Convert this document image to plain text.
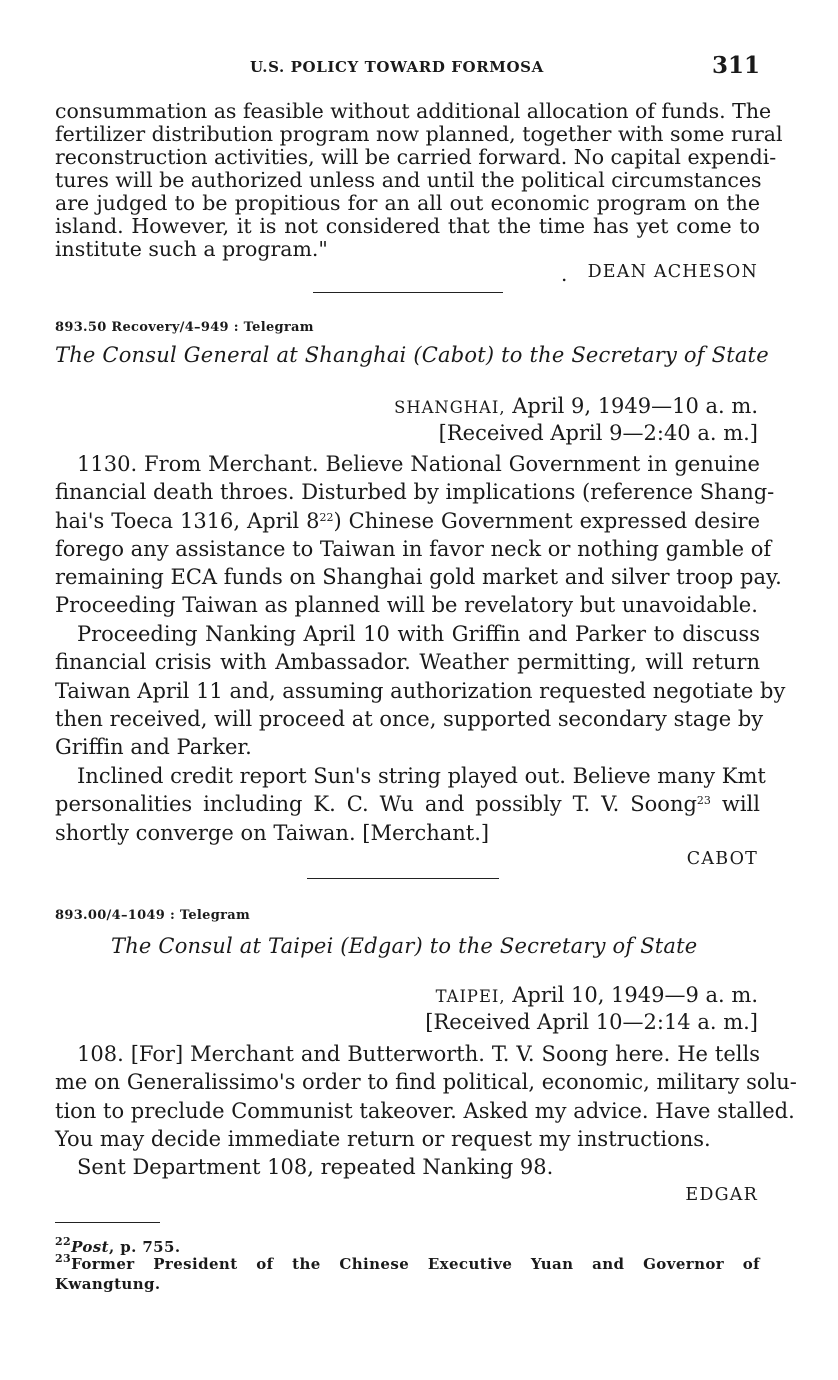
U.S. POLICY TOWARD FORMOSA	311
consummation as feasible without additional allocation of funds. The
fertilizer distribution program now planned, together with some rural
reconstruction activities, will be carried forward. No capital expendi-
tures will be authorized unless and until the political circumstances
are judged to be propitious for an all out economic program on the
island. However, it is not considered that the time has yet come to
institute such a program."
. DEAN ACHESON
893.50 Recovery/4–949 : Telegram
The Consul General at Shanghai (Cabot) to the Secretary of State
SHANGHAI, April 9, 1949—10 a. m.
[Received April 9—2:40 a. m.]
1130. From Merchant. Believe National Government in genuine
financial death throes. Disturbed by implications (reference Shang-
hai's Toeca 1316, April $8^{22}$) Chinese Government expressed desire
forego any assistance to Taiwan in favor neck or nothing gamble of
remaining ECA funds on Shanghai gold market and silver troop pay.
Proceeding Taiwan as planned will be revelatory but unavoidable.
Proceeding Nanking April 10 with Griffin and Parker to discuss
financial crisis with Ambassador. Weather permitting, will return
Taiwan April 11 and, assuming authorization requested negotiate by
then received, will proceed at once, supported secondary stage by
Griffin and Parker.
Inclined credit report Sun's string played out. Believe many Kmt
personalities including K. C. Wu and possibly T. V. Soong$^{23}$ will
shortly converge on Taiwan. [Merchant.]
CABOT
893.00/4–1049 : Telegram
The Consul at Taipei (Edgar) to the Secretary of State
TAIPEI, April 10, 1949—9 a. m.
[Received April 10—2:14 a. m.]
108. [For] Merchant and Butterworth. T. V. Soong here. He tells
me on Generalissimo's order to find political, economic, military solu-
tion to preclude Communist takeover. Asked my advice. Have stalled.
You may decide immediate return or request my instructions.
Sent Department 108, repeated Nanking 98.
EDGAR
$^{22}$Post, p. 755.
$^{23}$Former President of the Chinese Executive Yuan and Governor of
Kwangtung.
